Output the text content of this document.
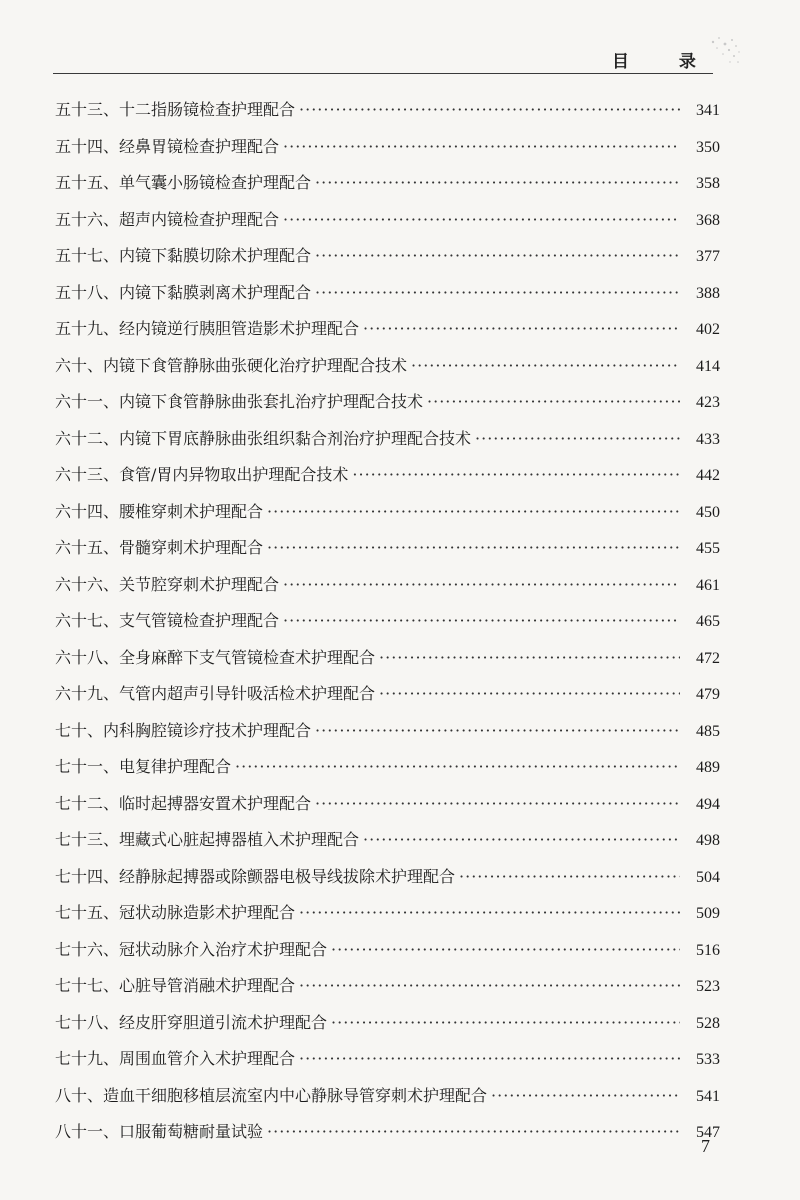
目 录
五十三、十二指肠镜检查护理配合 ·····	341
五十四、经鼻胃镜检查护理配合 ·····	350
五十五、单气囊小肠镜检查护理配合 ·····	358
五十六、超声内镜检查护理配合 ·····	368
五十七、内镜下黏膜切除术护理配合 ·····	377
五十八、内镜下黏膜剥离术护理配合 ·····	388
五十九、经内镜逆行胰胆管造影术护理配合 ·····	402
六十、内镜下食管静脉曲张硬化治疗护理配合技术 ·····	414
六十一、内镜下食管静脉曲张套扎治疗护理配合技术 ·····	423
六十二、内镜下胃底静脉曲张组织黏合剂治疗护理配合技术 ·····	433
六十三、食管/胃内异物取出护理配合技术 ·····	442
六十四、腰椎穿刺术护理配合 ·····	450
六十五、骨髓穿刺术护理配合 ·····	455
六十六、关节腔穿刺术护理配合 ·····	461
六十七、支气管镜检查护理配合 ·····	465
六十八、全身麻醉下支气管镜检查术护理配合 ·····	472
六十九、气管内超声引导针吸活检术护理配合 ·····	479
七十、内科胸腔镜诊疗技术护理配合 ·····	485
七十一、电复律护理配合 ·····	489
七十二、临时起搏器安置术护理配合 ·····	494
七十三、埋藏式心脏起搏器植入术护理配合 ·····	498
七十四、经静脉起搏器或除颤器电极导线拔除术护理配合 ·····	504
七十五、冠状动脉造影术护理配合 ·····	509
七十六、冠状动脉介入治疗术护理配合 ·····	516
七十七、心脏导管消融术护理配合 ·····	523
七十八、经皮肝穿胆道引流术护理配合 ·····	528
七十九、周围血管介入术护理配合 ·····	533
八十、造血干细胞移植层流室内中心静脉导管穿刺术护理配合 ·····	541
八十一、口服葡萄糖耐量试验 ·····	547
7
